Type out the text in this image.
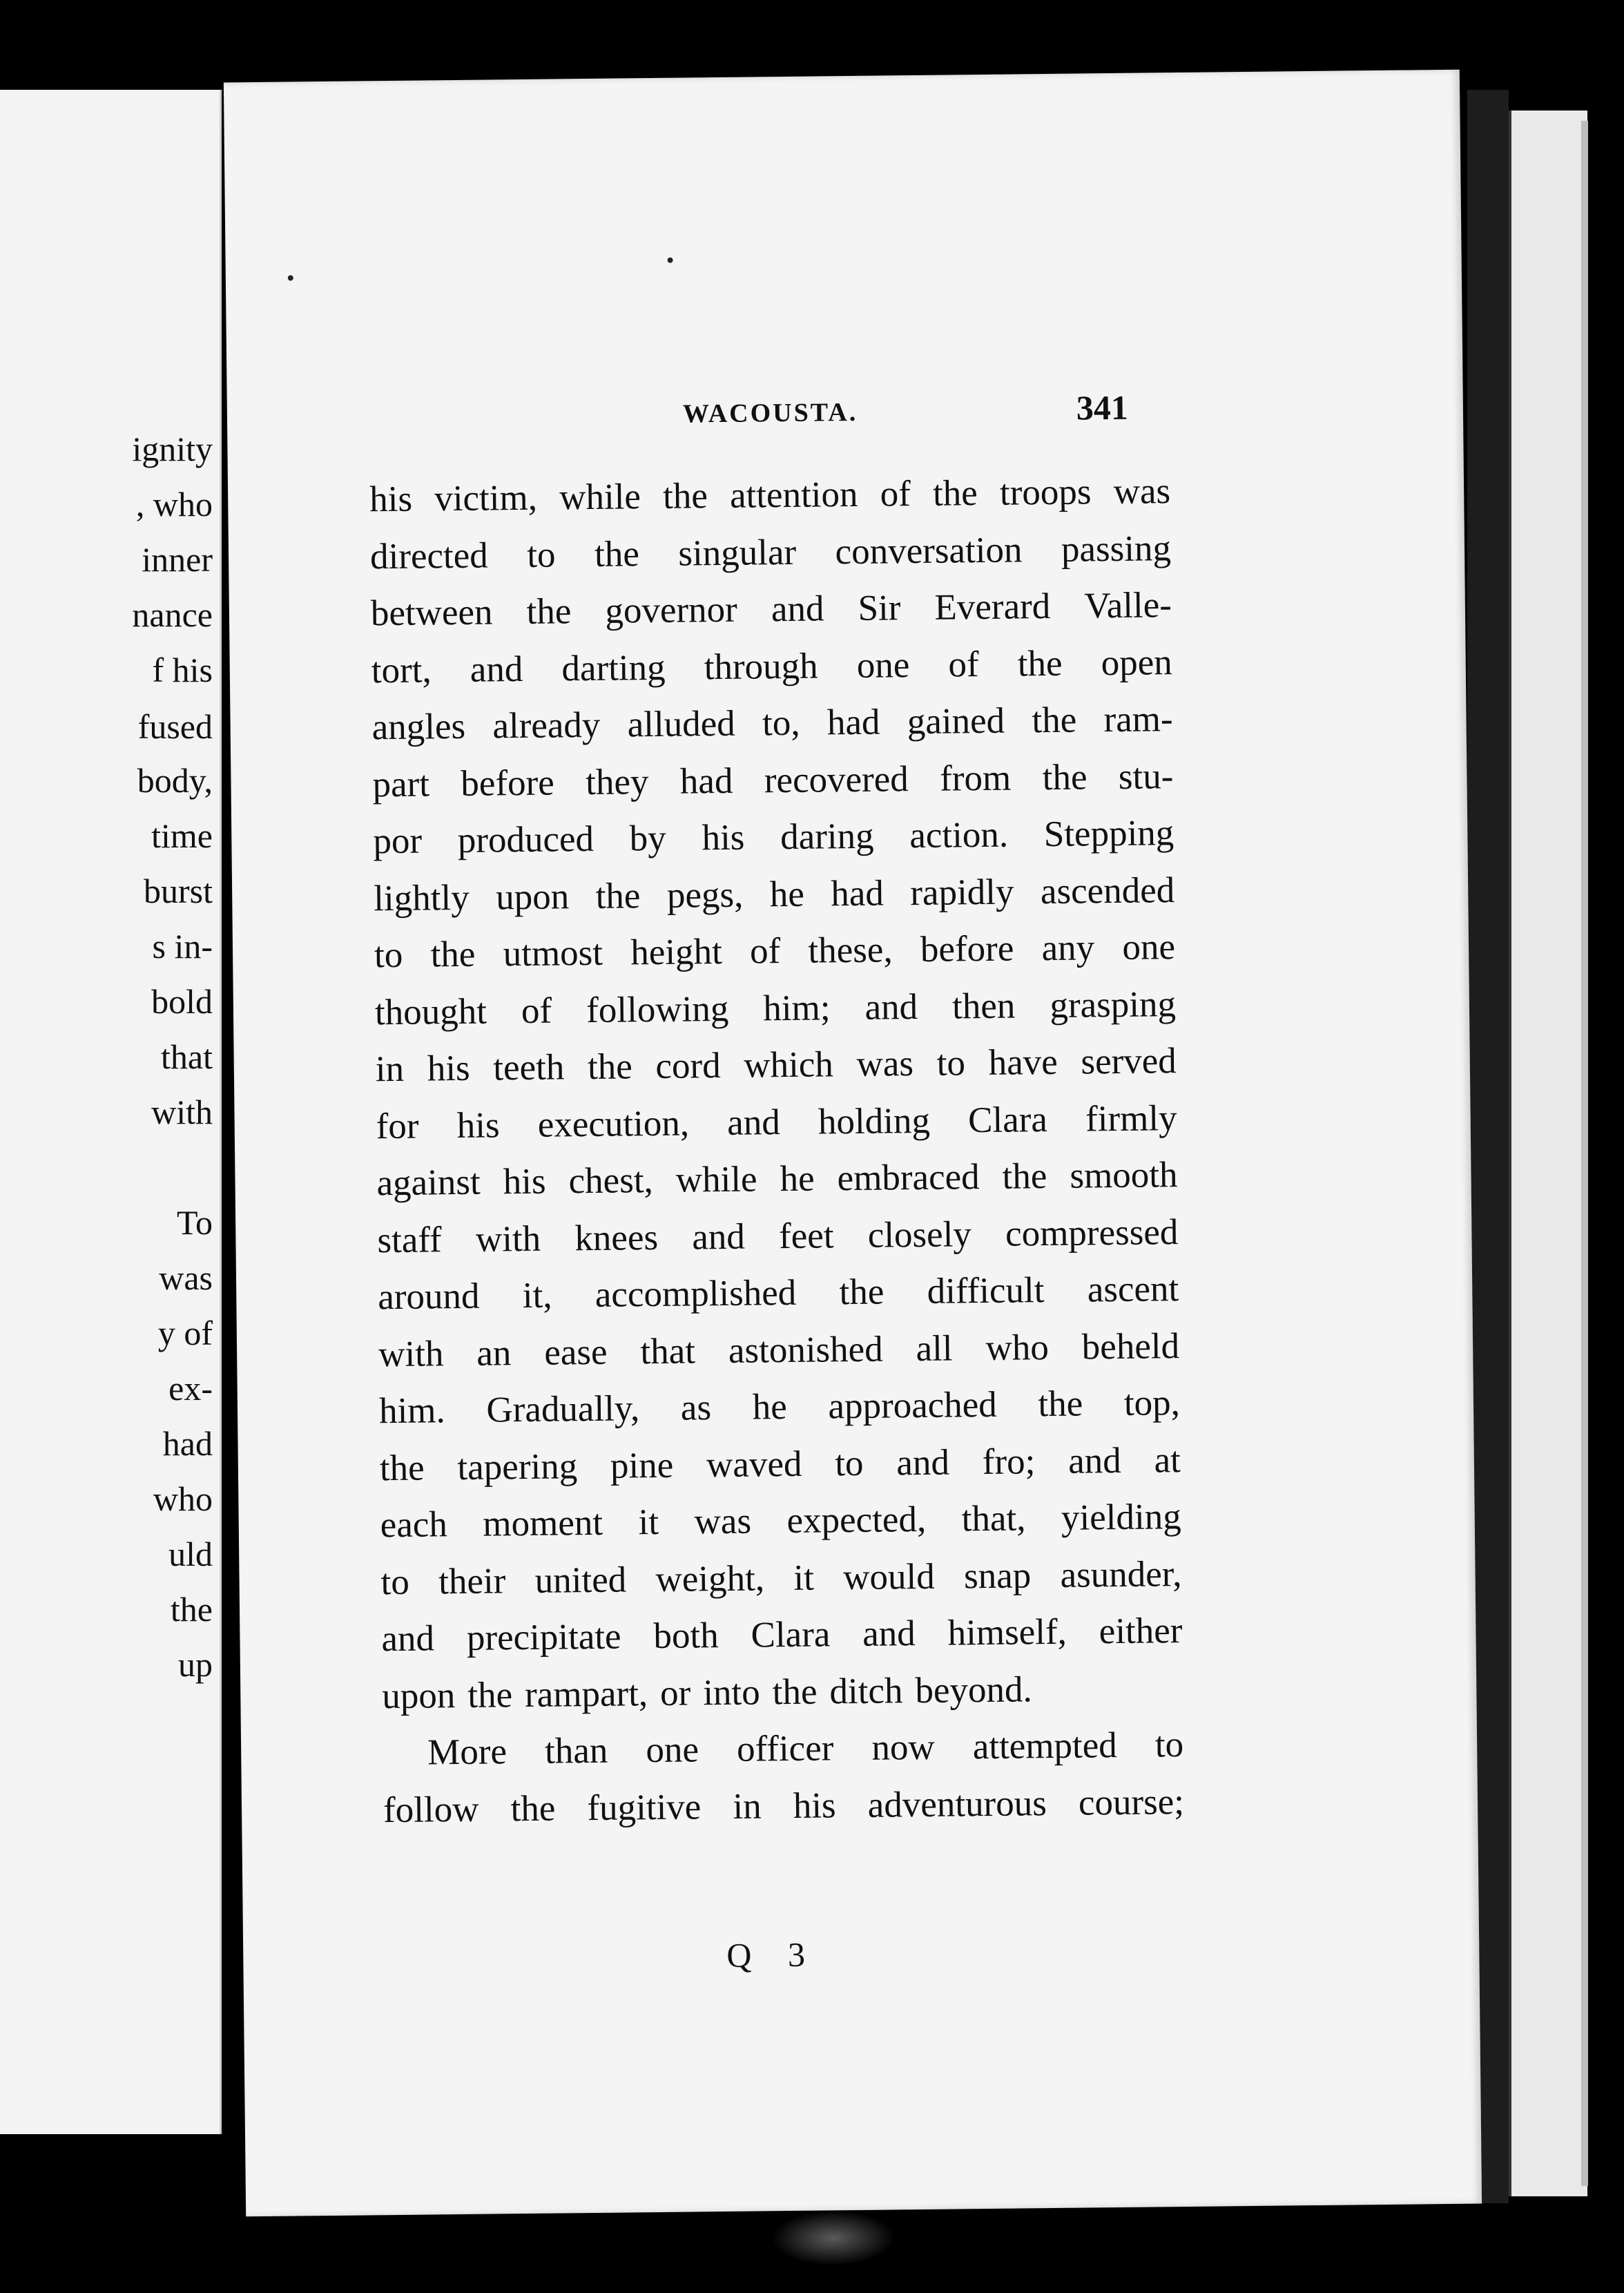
ignity
, who
inner
nance
f his
fused
body,
time
burst
s in-
bold
that
with
To
was
y of
ex-
had
who
uld
the
up
WACOUSTA.	341
his victim, while the attention of the troops was
directed to the singular conversation passing
between the governor and Sir Everard Valle-
tort, and darting through one of the open
angles already alluded to, had gained the ram-
part before they had recovered from the stu-
por produced by his daring action. Stepping
lightly upon the pegs, he had rapidly ascended
to the utmost height of these, before any one
thought of following him; and then grasping
in his teeth the cord which was to have served
for his execution, and holding Clara firmly
against his chest, while he embraced the smooth
staff with knees and feet closely compressed
around it, accomplished the difficult ascent
with an ease that astonished all who beheld
him. Gradually, as he approached the top,
the tapering pine waved to and fro; and at
each moment it was expected, that, yielding
to their united weight, it would snap asunder,
and precipitate both Clara and himself, either
upon the rampart, or into the ditch beyond.
More than one officer now attempted to
follow the fugitive in his adventurous course;
Q 3
